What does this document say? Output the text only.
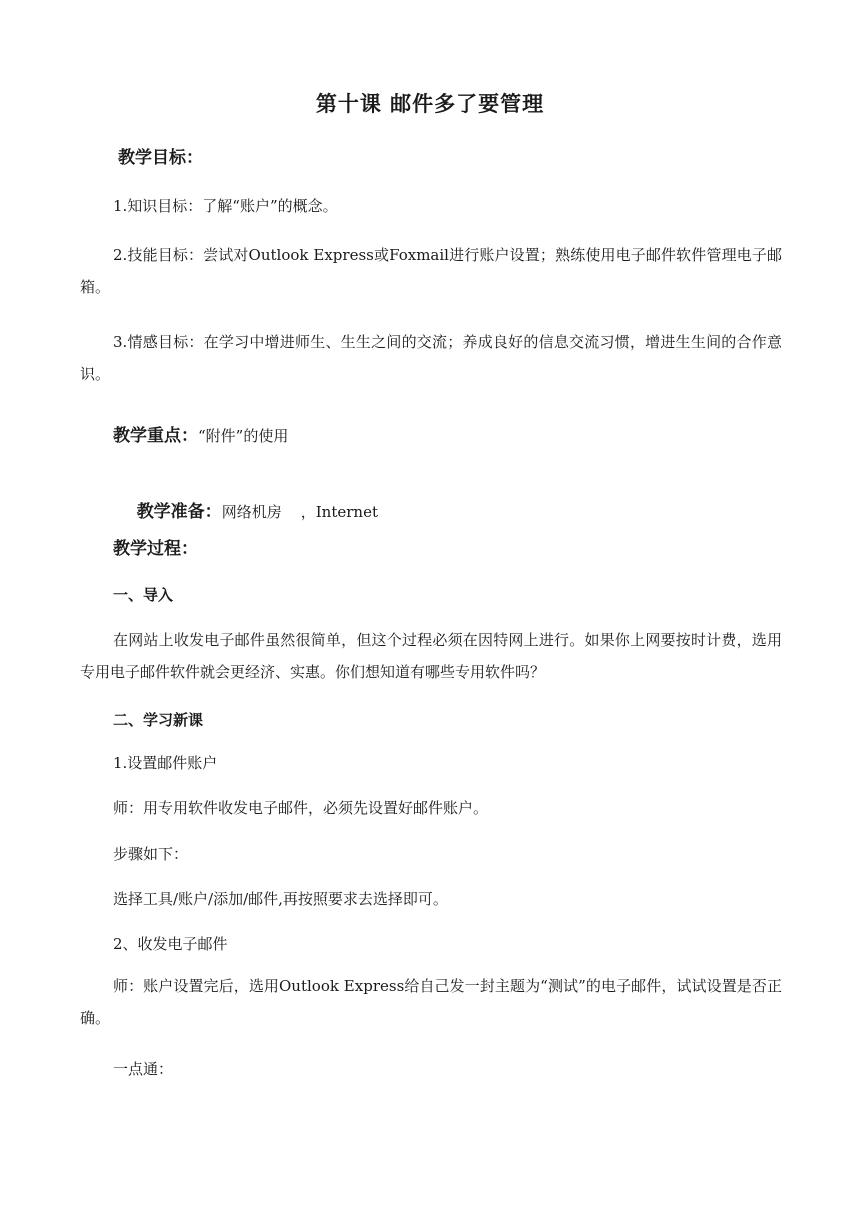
第十课 邮件多了要管理
教学目标：

1.知识目标：了解“账户”的概念。

2.技能目标：尝试对Outlook Express或Foxmail进行账户设置；熟练使用电子邮件软件管理电子邮箱。

3.情感目标：在学习中增进师生、生生之间的交流；养成良好的信息交流习惯，增进生生间的合作意识。

教学重点：“附件”的使用

教学准备：网络机房    ，Internet

教学过程：
一、导入

在网站上收发电子邮件虽然很简单，但这个过程必须在因特网上进行。如果你上网要按时计费，选用专用电子邮件软件就会更经济、实惠。你们想知道有哪些专用软件吗？

二、学习新课
1.设置邮件账户
师：用专用软件收发电子邮件，必须先设置好邮件账户。
步骤如下：
选择工具/账户/添加/邮件,再按照要求去选择即可。
2、收发电子邮件

师：账户设置完后，选用Outlook Express给自己发一封主题为“测试”的电子邮件，试试设置是否正确。

一点通：
